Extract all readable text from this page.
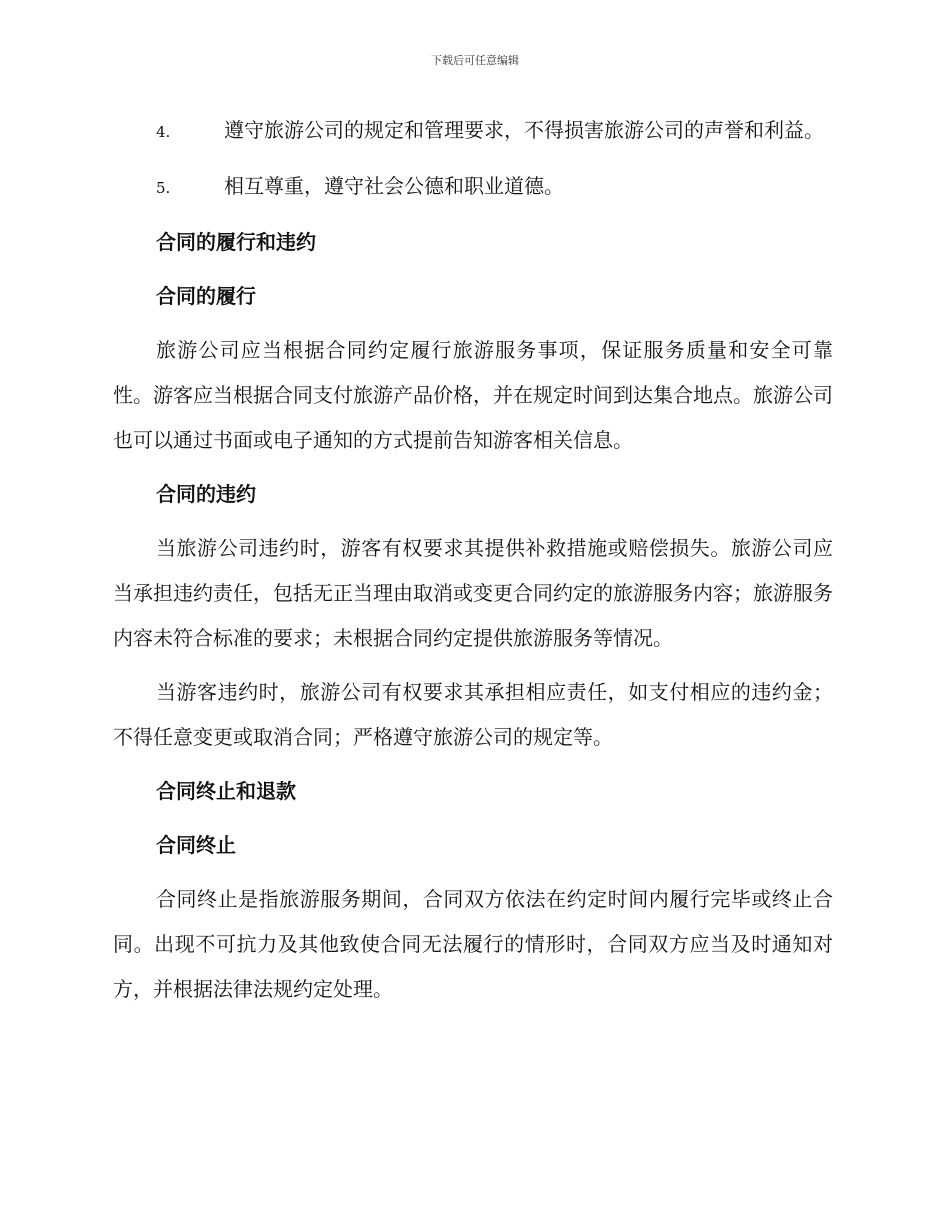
下载后可任意编辑
4.	遵守旅游公司的规定和管理要求，不得损害旅游公司的声誉和利益。
5.	相互尊重，遵守社会公德和职业道德。
合同的履行和违约
合同的履行
旅游公司应当根据合同约定履行旅游服务事项，保证服务质量和安全可靠性。游客应当根据合同支付旅游产品价格，并在规定时间到达集合地点。旅游公司也可以通过书面或电子通知的方式提前告知游客相关信息。
合同的违约
当旅游公司违约时，游客有权要求其提供补救措施或赔偿损失。旅游公司应当承担违约责任，包括无正当理由取消或变更合同约定的旅游服务内容；旅游服务内容未符合标准的要求；未根据合同约定提供旅游服务等情况。
当游客违约时，旅游公司有权要求其承担相应责任，如支付相应的违约金；不得任意变更或取消合同；严格遵守旅游公司的规定等。
合同终止和退款
合同终止
合同终止是指旅游服务期间，合同双方依法在约定时间内履行完毕或终止合同。出现不可抗力及其他致使合同无法履行的情形时，合同双方应当及时通知对方，并根据法律法规约定处理。
